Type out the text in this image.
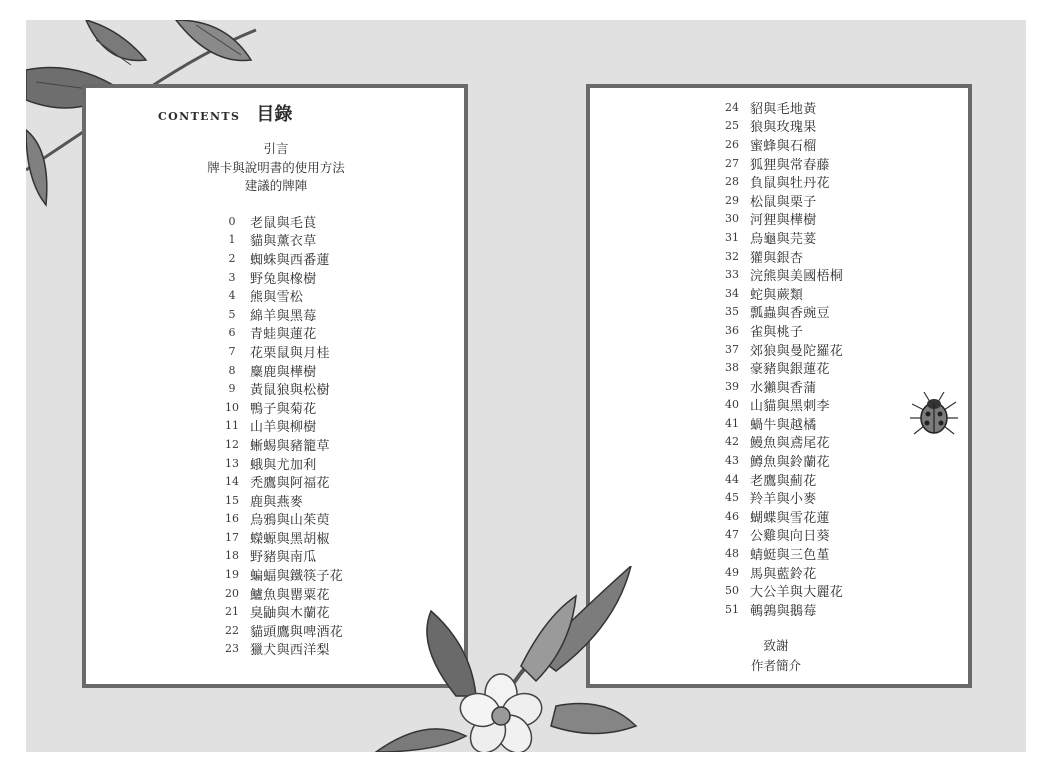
CONTENTS 目錄
引言
牌卡與說明書的使用方法
建議的牌陣
0	老鼠與毛茛
1	貓與薰衣草
2	蜘蛛與西番蓮
3	野兔與橡樹
4	熊與雪松
5	綿羊與黑莓
6	青蛙與蓮花
7	花栗鼠與月桂
8	麋鹿與樺樹
9	黃鼠狼與松樹
10 鴨子與菊花
11 山羊與柳樹
12 蜥蜴與豬籠草
13 蛾與尤加利
14 禿鷹與阿福花
15 鹿與燕麥
16 烏鴉與山茱萸
17 蠑螈與黑胡椒
18 野豬與南瓜
19 蝙蝠與鐵筷子花
20 鱸魚與罌粟花
21 臭鼬與木蘭花
22 貓頭鷹與啤酒花
23 獵犬與西洋梨
24 貂與毛地黃
25 狼與玫瑰果
26 蜜蜂與石榴
27 狐狸與常春藤
28 負鼠與牡丹花
29 松鼠與栗子
30 河狸與樺樹
31 烏龜與芫荽
32 獾與銀杏
33 浣熊與美國梧桐
34 蛇與蕨類
35 瓢蟲與香豌豆
36 雀與桃子
37 郊狼與曼陀羅花
38 豪豬與銀蓮花
39 水獺與香蒲
40 山貓與黑刺李
41 蝸牛與越橘
42 鰻魚與鳶尾花
43 鱒魚與鈴蘭花
44 老鷹與薊花
45 羚羊與小麥
46 蝴蝶與雪花蓮
47 公雞與向日葵
48 蜻蜓與三色堇
49 馬與藍鈴花
50 大公羊與大麗花
51 鵪鶉與鵝莓
致謝
作者簡介
